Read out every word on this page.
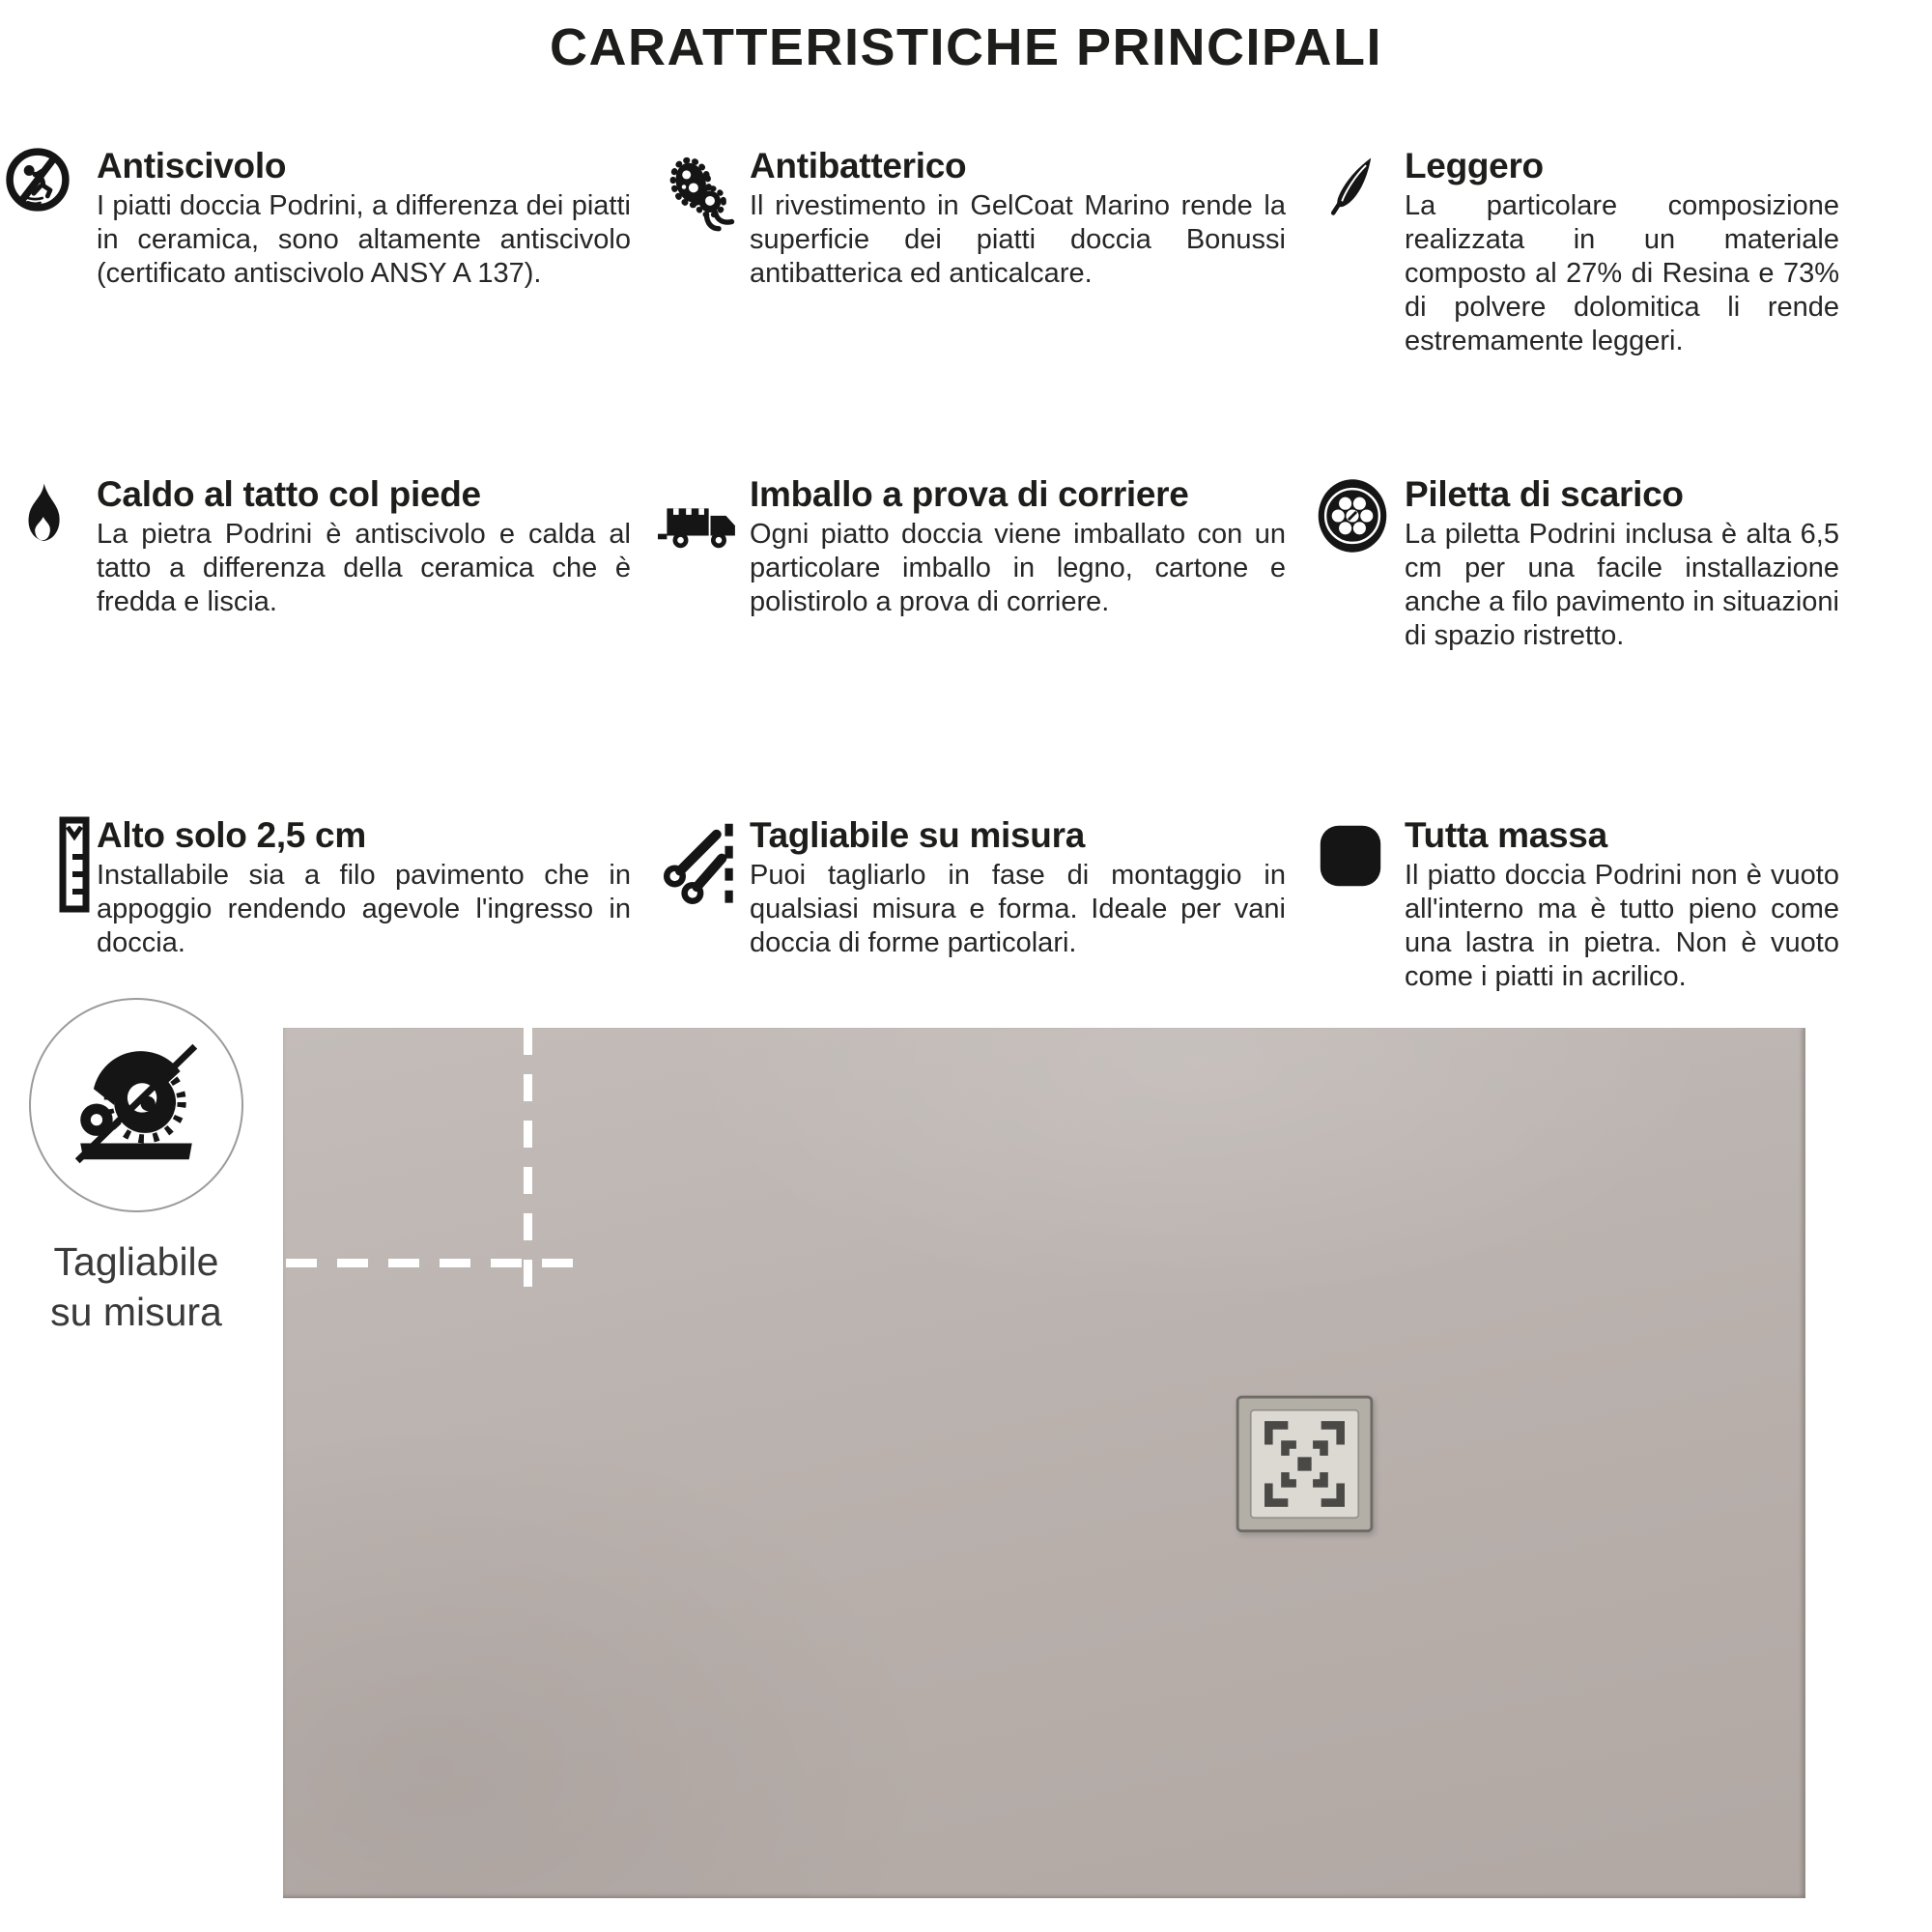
CARATTERISTICHE PRINCIPALI
Antiscivolo

I piatti doccia Podrini, a differenza dei piatti in ceramica, sono altamente antiscivolo (certificato antiscivolo ANSY A 137).

Antibatterico

Il rivestimento in GelCoat Marino rende la superficie dei piatti doccia Bonussi antibatterica ed anticalcare.

Leggero

La particolare composizione realizzata in un materiale composto al 27% di Resina e 73% di polvere dolomitica li rende estremamente leggeri.

Caldo al tatto col piede

La pietra Podrini è antiscivolo e calda al tatto a differenza della ceramica che è fredda e liscia.

Imballo a prova di corriere

Ogni piatto doccia viene imballato con un particolare imballo in legno, cartone e polistirolo a prova di corriere.

Piletta di scarico

La piletta Podrini inclusa è alta 6,5 cm per una facile installazione anche a filo pavimento in situazioni di spazio ristretto.

Alto solo 2,5 cm

Installabile sia a filo pavimento che in appoggio rendendo agevole l'ingresso in doccia.

Tagliabile su misura

Puoi tagliarlo in fase di montaggio in qualsiasi misura e forma. Ideale per vani doccia di forme particolari.

Tutta massa

Il piatto doccia Podrini non è vuoto all'interno ma è tutto pieno come una lastra in pietra. Non è vuoto come i piatti in acrilico.

Tagliabile
su misura
